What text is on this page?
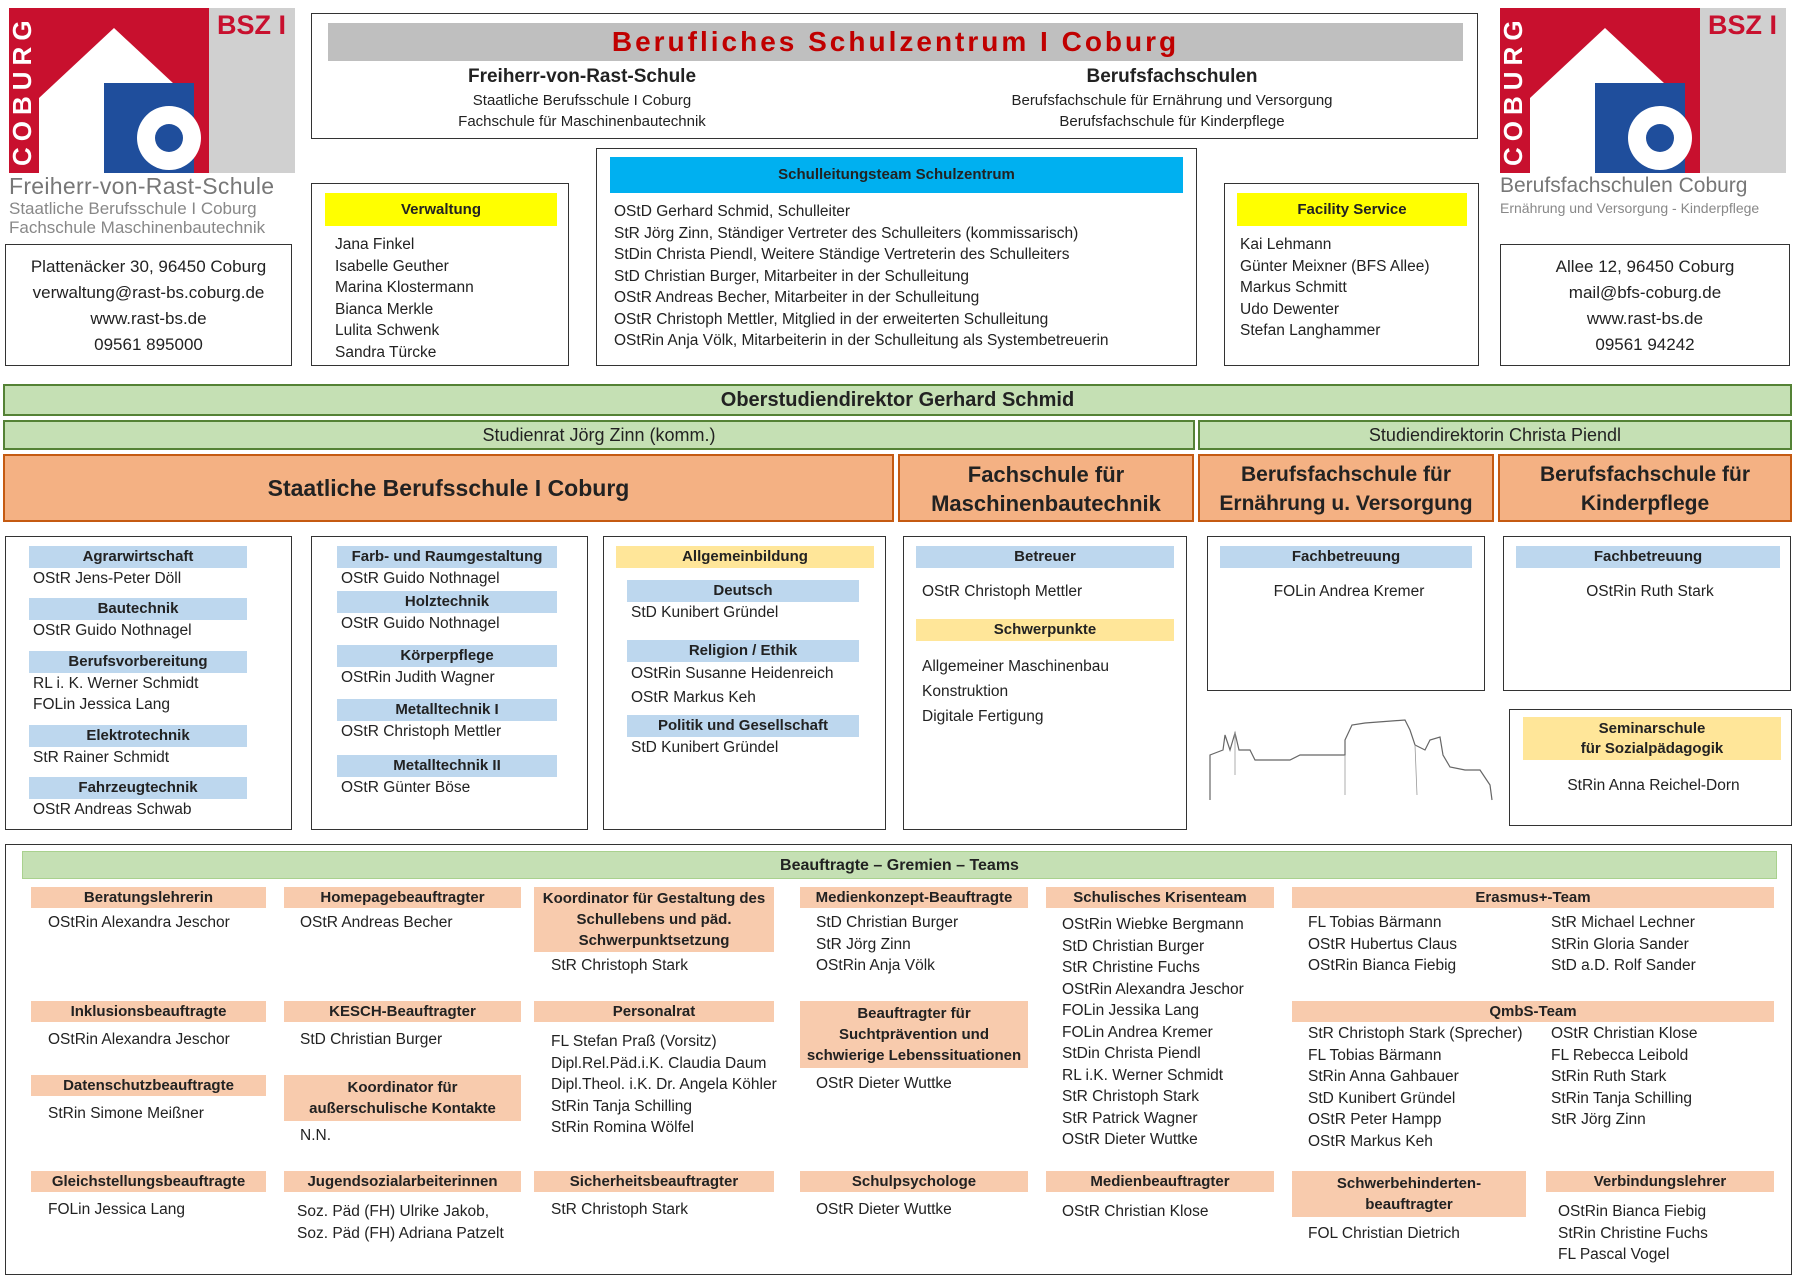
COBURG	BSZ I
Freiherr-von-Rast-Schule
Staatliche Berufsschule I Coburg
Fachschule Maschinenbautechnik
COBURG	BSZ I
Berufsfachschulen Coburg
Ernährung und Versorgung - Kinderpflege
Plattenäcker 30, 96450 Coburg
verwaltung@rast-bs.coburg.de
www.rast-bs.de
09561 895000
Allee 12, 96450 Coburg
mail@bfs-coburg.de
www.rast-bs.de
09561 94242
Berufliches Schulzentrum I Coburg
Freiherr-von-Rast-Schule
Staatliche Berufsschule I Coburg
Fachschule für Maschinenbautechnik
Berufsfachschulen
Berufsfachschule für Ernährung und Versorgung
Berufsfachschule für Kinderpflege
Verwaltung
Jana Finkel
Isabelle Geuther
Marina Klostermann
Bianca Merkle
Lulita Schwenk
Sandra Türcke
Schulleitungsteam Schulzentrum
OStD Gerhard Schmid, Schulleiter
StR Jörg Zinn, Ständiger Vertreter des Schulleiters (kommissarisch)
StDin Christa Piendl, Weitere Ständige Vertreterin des Schulleiters
StD Christian Burger, Mitarbeiter in der Schulleitung
OStR Andreas Becher, Mitarbeiter in der Schulleitung
OStR Christoph Mettler, Mitglied in der erweiterten Schulleitung
OStRin Anja Völk, Mitarbeiterin in der Schulleitung als Systembetreuerin
Facility Service
Kai Lehmann
Günter Meixner (BFS Allee)
Markus Schmitt
Udo Dewenter
Stefan Langhammer
Oberstudiendirektor Gerhard Schmid
Studienrat Jörg Zinn (komm.)	Studiendirektorin Christa Piendl
Staatliche Berufsschule I Coburg
Fachschule für
Maschinenbautechnik
Berufsfachschule für
Ernährung u. Versorgung
Berufsfachschule für
Kinderpflege
Agrarwirtschaft
OStR Jens-Peter Döll
Bautechnik
OStR Guido Nothnagel
Berufsvorbereitung
RL i. K. Werner Schmidt
FOLin Jessica Lang
Elektrotechnik
StR Rainer Schmidt
Fahrzeugtechnik
OStR Andreas Schwab
Farb- und Raumgestaltung
OStR Guido Nothnagel
Holztechnik
OStR Guido Nothnagel
Körperpflege
OStRin Judith Wagner
Metalltechnik I
OStR Christoph Mettler
Metalltechnik II
OStR Günter Böse
Allgemeinbildung
Deutsch
StD Kunibert Gründel
Religion / Ethik
OStRin Susanne Heidenreich
OStR Markus Keh
Politik und Gesellschaft
StD Kunibert Gründel
Betreuer
OStR Christoph Mettler
Schwerpunkte
Allgemeiner Maschinenbau
Konstruktion
Digitale Fertigung
Fachbetreuung
FOLin Andrea Kremer
Fachbetreuung
OStRin Ruth Stark
Seminarschule
für Sozialpädagogik
StRin Anna Reichel-Dorn
Beauftragte – Gremien – Teams
Beratungslehrerin
OStRin Alexandra Jeschor
Homepagebeauftragter
OStR Andreas Becher
Koordinator für Gestaltung des
Schullebens und päd.
Schwerpunktsetzung
StR Christoph Stark
Medienkonzept-Beauftragte
StD Christian Burger
StR Jörg Zinn
OStRin Anja Völk
Schulisches Krisenteam
OStRin Wiebke Bergmann
StD Christian Burger
StR Christine Fuchs
OStRin Alexandra Jeschor
FOLin Jessika Lang
FOLin Andrea Kremer
StDin Christa Piendl
RL i.K. Werner Schmidt
StR Christoph Stark
StR Patrick Wagner
OStR Dieter Wuttke
Erasmus+-Team
FL Tobias Bärmann
OStR Hubertus Claus
OStRin Bianca Fiebig
StR Michael Lechner
StRin Gloria Sander
StD a.D. Rolf Sander
Inklusionsbeauftragte
OStRin Alexandra Jeschor
KESCH-Beauftragter
StD Christian Burger
Personalrat
FL Stefan Praß (Vorsitz)
Dipl.Rel.Päd.i.K. Claudia Daum
Dipl.Theol. i.K. Dr. Angela Köhler
StRin Tanja Schilling
StRin Romina Wölfel
Beauftragter für
Suchtprävention und
schwierige Lebenssituationen
OStR Dieter Wuttke
QmbS-Team
StR Christoph Stark (Sprecher)
FL Tobias Bärmann
StRin Anna Gahbauer
StD Kunibert Gründel
OStR Peter Hampp
OStR Markus Keh
OStR Christian Klose
FL Rebecca Leibold
StRin Ruth Stark
StRin Tanja Schilling
StR Jörg Zinn
Datenschutzbeauftragte
StRin Simone Meißner
Koordinator für
außerschulische Kontakte
N.N.
Gleichstellungsbeauftragte
FOLin Jessica Lang
Jugendsozialarbeiterinnen
Soz. Päd (FH) Ulrike Jakob,
Soz. Päd (FH) Adriana Patzelt
Sicherheitsbeauftragter
StR Christoph Stark
Schulpsychologe
OStR Dieter Wuttke
Medienbeauftragter
OStR Christian Klose
Schwerbehinderten-
beauftragter
FOL Christian Dietrich
Verbindungslehrer
OStRin Bianca Fiebig
StRin Christine Fuchs
FL Pascal Vogel
